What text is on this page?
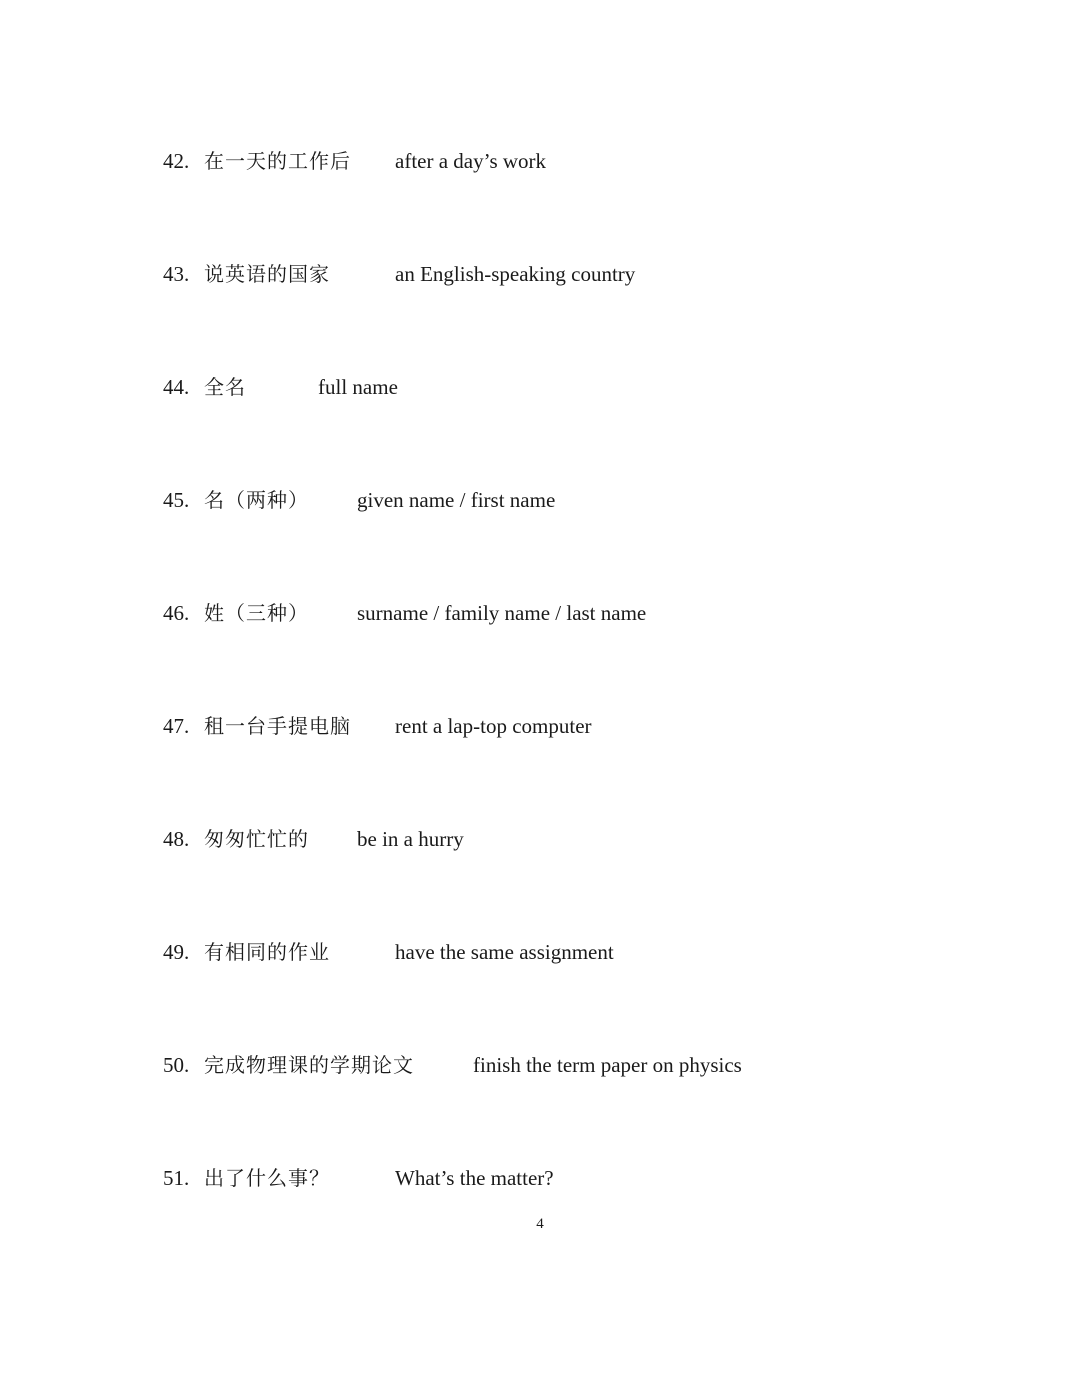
42. 在一天的工作后 after a day’s work
43. 说英语的国家	an English-speaking country
44. 全名	full name
45. 名（两种） given name / first name
46. 姓（三种） surname / family name / last name
47. 租一台手提电脑 rent a lap-top computer
48. 匆匆忙忙的 be in a hurry
49. 有相同的作业	have the same assignment
50. 完成物理课的学期论文	finish the term paper on physics
51. 出了什么事？	What’s the matter?
4
